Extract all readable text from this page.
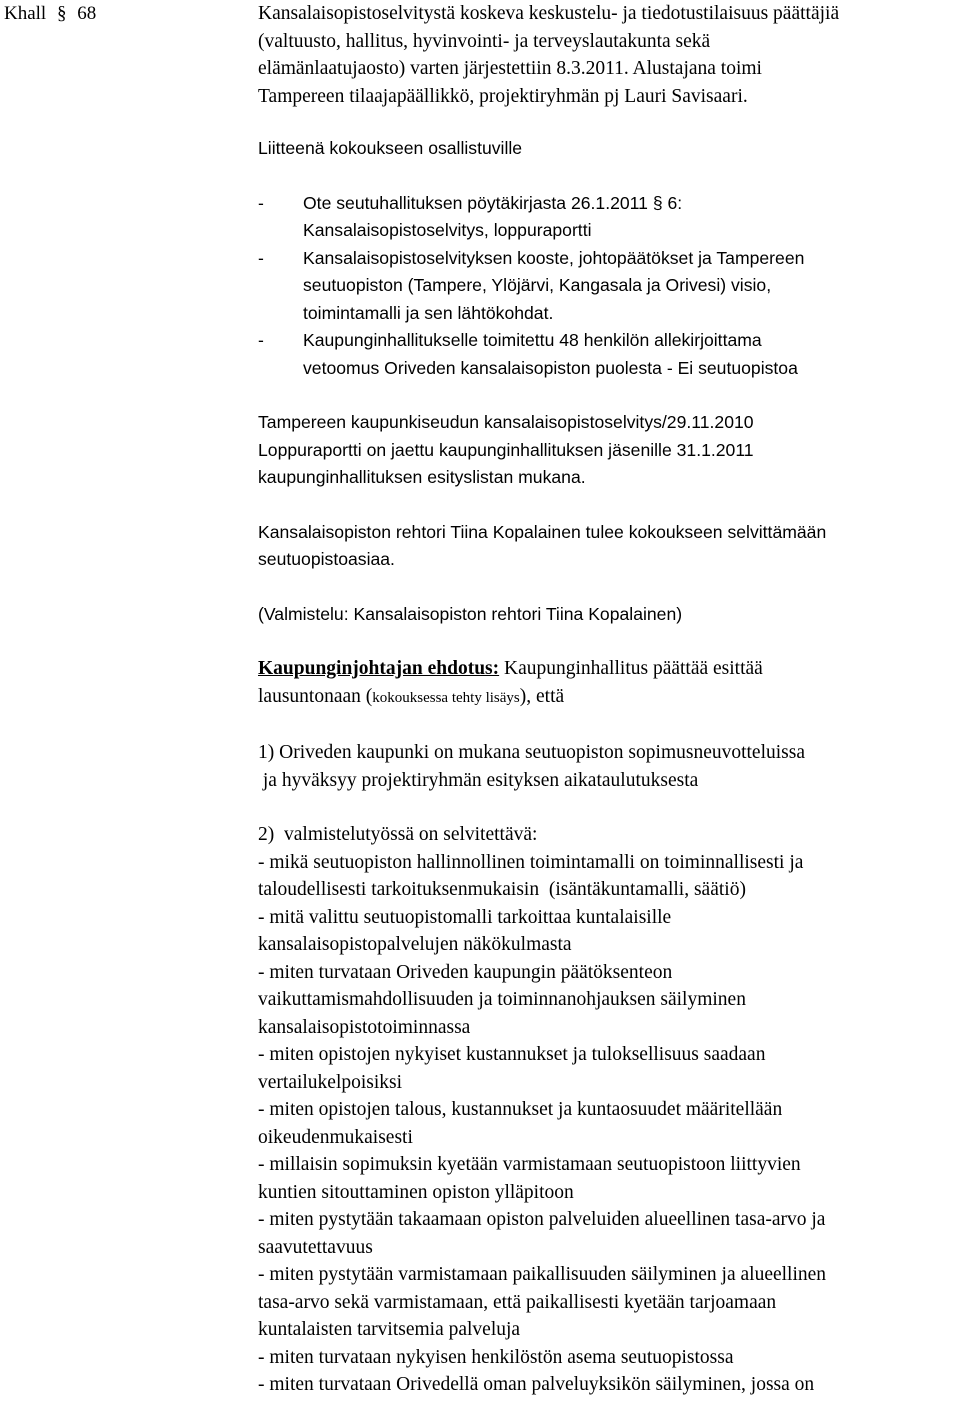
Khall § 68	Kansalaisopistoselvitystä koskeva keskustelu- ja tiedotustilaisuus päättäjiä
(valtuusto, hallitus, hyvinvointi- ja terveyslautakunta sekä
elämänlaatujaosto) varten järjestettiin 8.3.2011. Alustajana toimi
Tampereen tilaajapäällikkö, projektiryhmän pj Lauri Savisaari.
Liitteenä kokoukseen osallistuville
-	Ote seutuhallituksen pöytäkirjasta 26.1.2011 § 6:
Kansalaisopistoselvitys, loppuraportti
-	Kansalaisopistoselvityksen kooste, johtopäätökset ja Tampereen
seutuopiston (Tampere, Ylöjärvi, Kangasala ja Orivesi) visio,
toimintamalli ja sen lähtökohdat.
-	Kaupunginhallitukselle toimitettu 48 henkilön allekirjoittama
vetoomus Oriveden kansalaisopiston puolesta - Ei seutuopistoa
Tampereen kaupunkiseudun kansalaisopistoselvitys/29.11.2010
Loppuraportti on jaettu kaupunginhallituksen jäsenille 31.1.2011
kaupunginhallituksen esityslistan mukana.
Kansalaisopiston rehtori Tiina Kopalainen tulee kokoukseen selvittämään
seutuopistoasiaa.
(Valmistelu: Kansalaisopiston rehtori Tiina Kopalainen)
Kaupunginjohtajan ehdotus: Kaupunginhallitus päättää esittää
lausuntonaan (kokouksessa tehty lisäys), että
1) Oriveden kaupunki on mukana seutuopiston sopimusneuvotteluissa
ja hyväksyy projektiryhmän esityksen aikataulutuksesta
2)  valmistelutyössä on selvitettävä:
- mikä seutuopiston hallinnollinen toimintamalli on toiminnallisesti ja
taloudellisesti tarkoituksenmukaisin  (isäntäkuntamalli, säätiö)
- mitä valittu seutuopistomalli tarkoittaa kuntalaisille
kansalaisopistopalvelujen näkökulmasta
- miten turvataan Oriveden kaupungin päätöksenteon
vaikuttamismahdollisuuden ja toiminnanohjauksen säilyminen
kansalaisopistotoiminnassa
- miten opistojen nykyiset kustannukset ja tuloksellisuus saadaan
vertailukelpoisiksi
- miten opistojen talous, kustannukset ja kuntaosuudet määritellään
oikeudenmukaisesti
- millaisin sopimuksin kyetään varmistamaan seutuopistoon liittyvien
kuntien sitouttaminen opiston ylläpitoon
- miten pystytään takaamaan opiston palveluiden alueellinen tasa-arvo ja
saavutettavuus
- miten pystytään varmistamaan paikallisuuden säilyminen ja alueellinen
tasa-arvo sekä varmistamaan, että paikallisesti kyetään tarjoamaan
kuntalaisten tarvitsemia palveluja
- miten turvataan nykyisen henkilöstön asema seutuopistossa
- miten turvataan Orivedellä oman palveluyksikön säilyminen, jossa on
